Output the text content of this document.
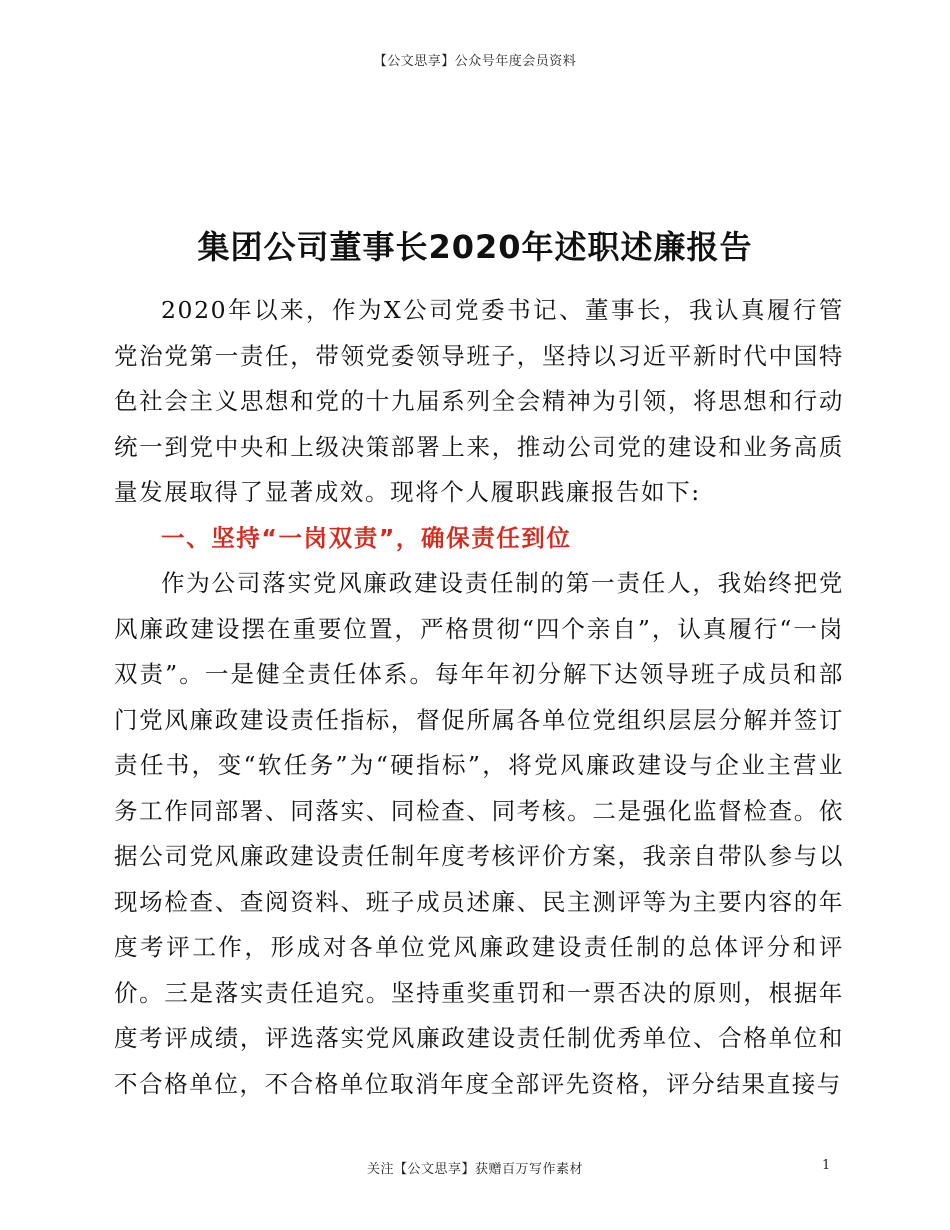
【公文思享】公众号年度会员资料
集团公司董事长2020年述职述廉报告

2020年以来，作为X公司党委书记、董事长，我认真履行管党治党第一责任，带领党委领导班子，坚持以习近平新时代中国特色社会主义思想和党的十九届系列全会精神为引领，将思想和行动统一到党中央和上级决策部署上来，推动公司党的建设和业务高质量发展取得了显著成效。现将个人履职践廉报告如下:

一、坚持“一岗双责”，确保责任到位

作为公司落实党风廉政建设责任制的第一责任人，我始终把党风廉政建设摆在重要位置，严格贯彻“四个亲自”，认真履行“一岗双责”。一是健全责任体系。每年年初分解下达领导班子成员和部门党风廉政建设责任指标，督促所属各单位党组织层层分解并签订责任书，变“软任务”为“硬指标”，将党风廉政建设与企业主营业务工作同部署、同落实、同检查、同考核。二是强化监督检查。依据公司党风廉政建设责任制年度考核评价方案，我亲自带队参与以现场检查、查阅资料、班子成员述廉、民主测评等为主要内容的年度考评工作，形成对各单位党风廉政建设责任制的总体评分和评价。三是落实责任追究。坚持重奖重罚和一票否决的原则，根据年度考评成绩，评选落实党风廉政建设责任制优秀单位、合格单位和不合格单位，不合格单位取消年度全部评先资格，评分结果直接与

关注【公文思享】获赠百万写作素材	1
